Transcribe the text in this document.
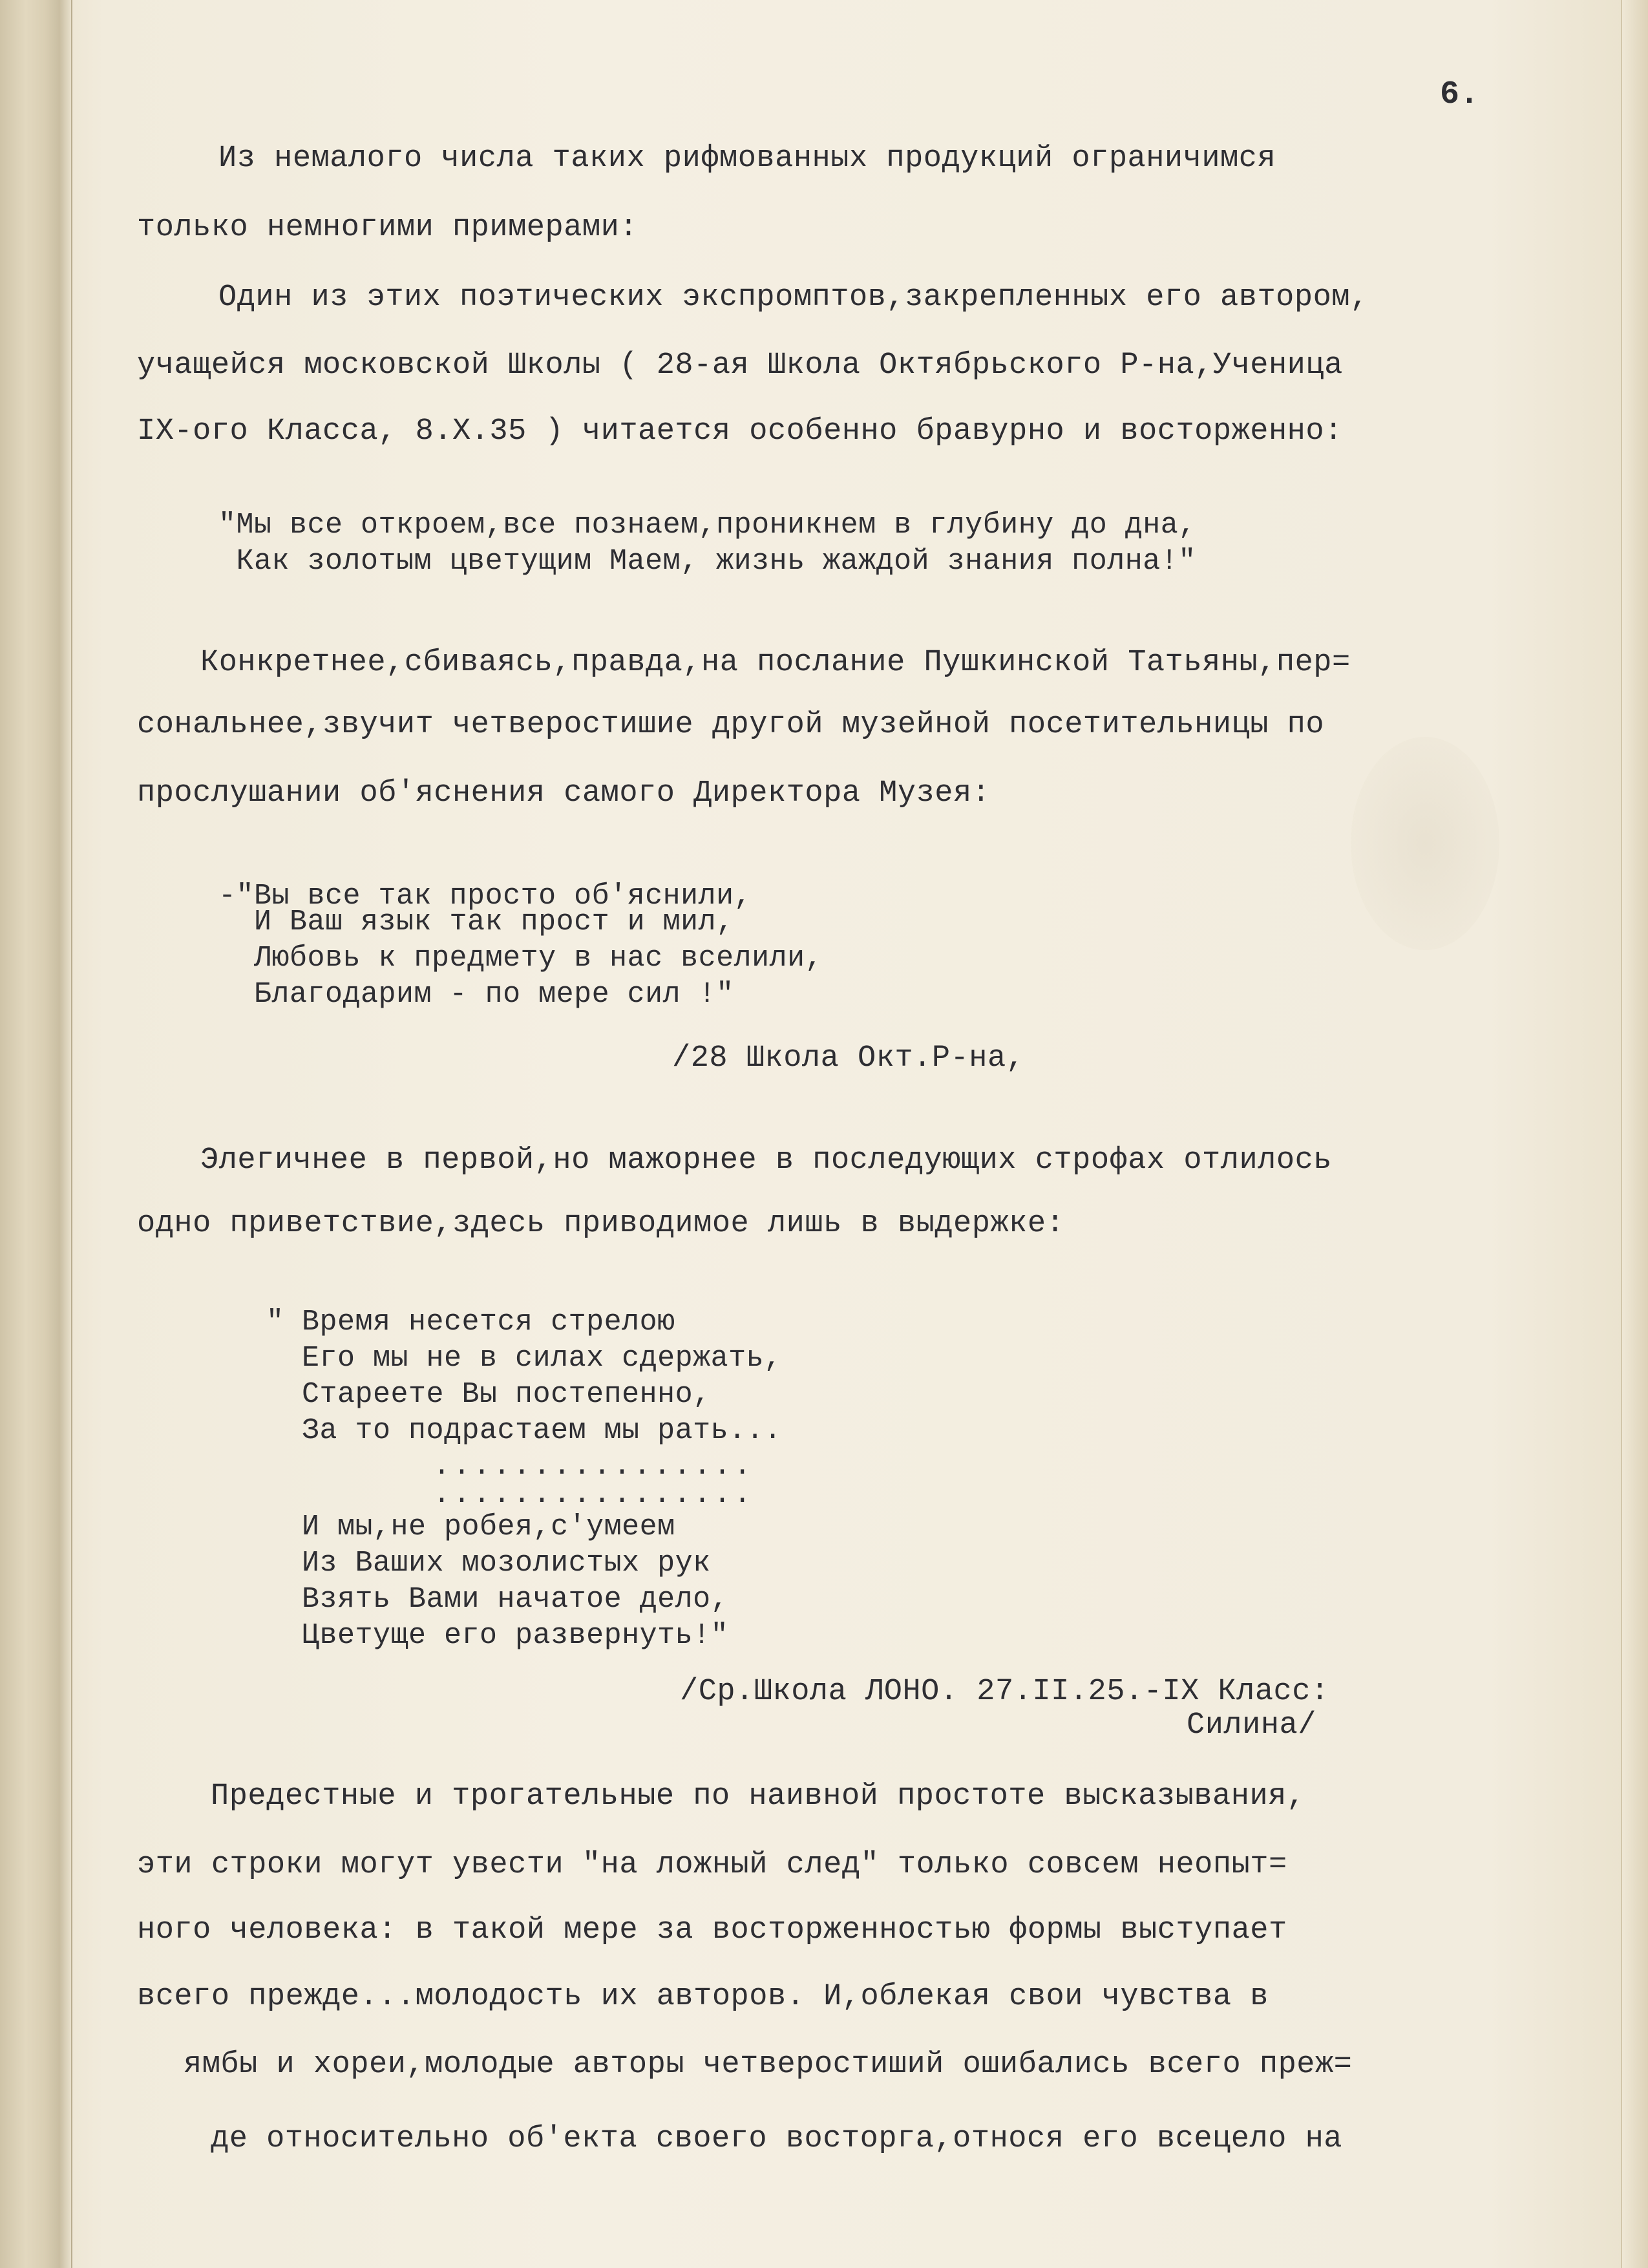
6.

Из немалого числа таких рифмованных продукций ограничимся

только немногими примерами:

Один из этих поэтических экспромптов,закрепленных его автором,

учащейся московской Школы ( 28-ая Школа Октябрьского Р-на,Ученица

IX-ого Класса, 8.X.35 ) читается особенно бравурно и восторженно:

"Мы все откроем,все познаем,проникнем в глубину до дна,

Как золотым цветущим Маем, жизнь жаждой знания полна!"

Конкретнее,сбиваясь,правда,на послание Пушкинской Татьяны,пер=

сональнее,звучит четверостишие другой музейной посетительницы по

прослушании об'яснения самого Директора Музея:

-"Вы все так просто об'яснили,

И Ваш язык так прост и мил,

Любовь к предмету в нас вселили,

Благодарим - по мере сил !"

/28 Школа Окт.Р-на,

Элегичнее в первой,но мажорнее в последующих строфах отлилось

одно приветствие,здесь приводимое лишь в выдержке:

" Время несется стрелою

Его мы не в силах сдержать,

Стареете Вы постепенно,

За то подрастаем мы рать...

................

................

И мы,не робея,с'умеем

Из Ваших мозолистых рук

Взять Вами начатое дело,

Цветуще его развернуть!"

/Ср.Школа ЛОНО. 27.II.25.-IX Класс:

Силина/

Предестные и трогательные по наивной простоте высказывания,

эти строки могут увести "на ложный след" только совсем неопыт=

ного человека: в такой мере за восторженностью формы выступает

всего прежде...молодость их авторов. И,облекая свои чувства в

ямбы и хореи,молодые авторы четверостиший ошибались всего преж=

де относительно об'екта своего восторга,относя его всецело на
